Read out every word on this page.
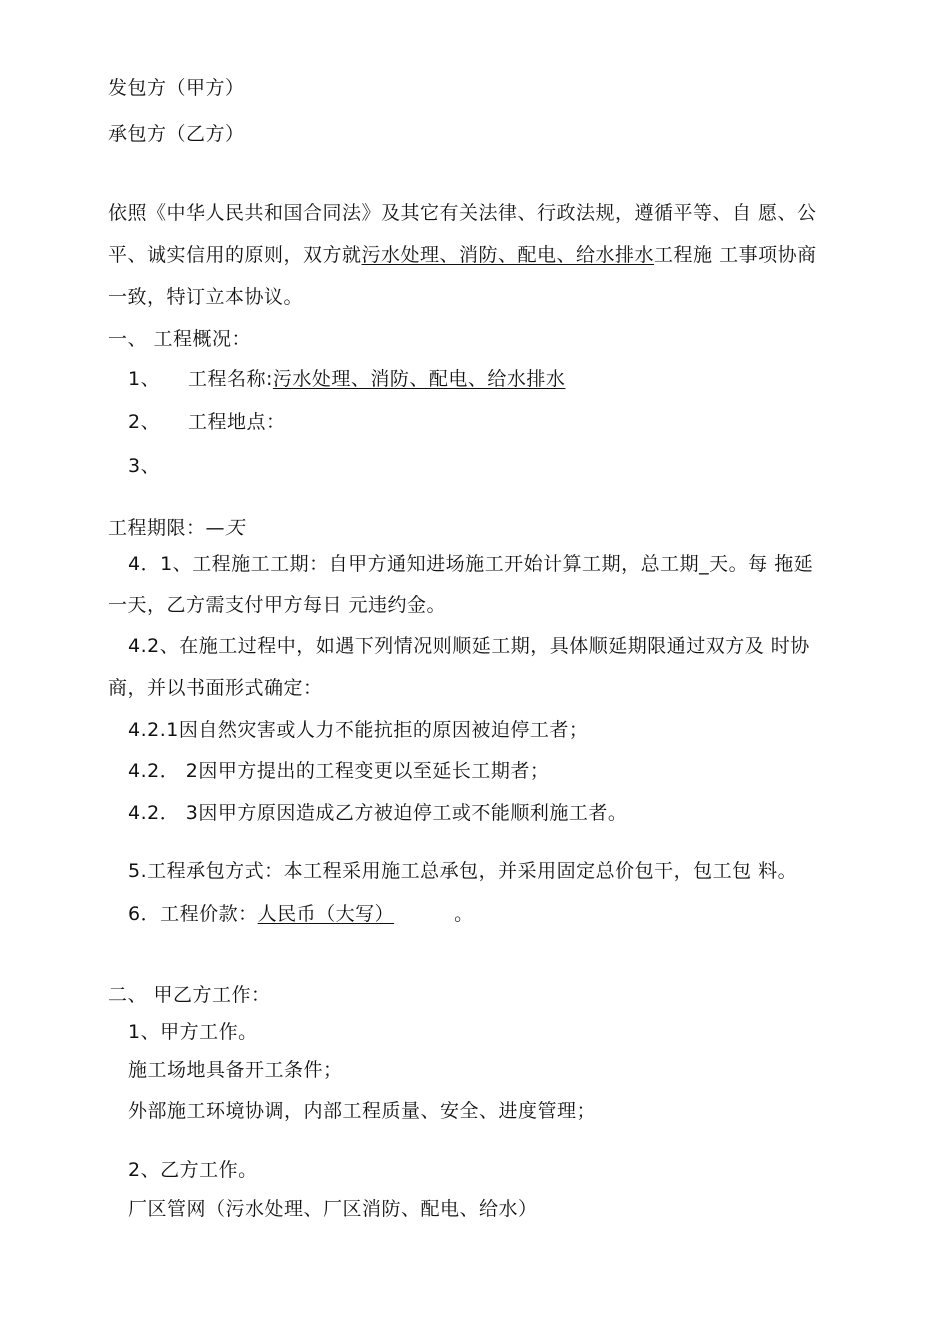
发包方（甲方）
承包方（乙方）
依照《中华人民共和国合同法》及其它有关法律、行政法规，遵循平等、自 愿、公
平、诚实信用的原则，双方就污水处理、消防、配电、给水排水工程施 工事项协商
一致，特订立本协议。
一、 工程概况：
1、 工程名称:污水处理、消防、配电、给水排水
2、 工程地点：
3、
工程期限：—天
4．1、工程施工工期：自甲方通知进场施工开始计算工期，总工期_天。每 拖延
一天，乙方需支付甲方每日 元违约金。
4.2、在施工过程中，如遇下列情况则顺延工期，具体顺延期限通过双方及 时协
商，并以书面形式确定：
4.2.1因自然灾害或人力不能抗拒的原因被迫停工者；
4.2． 2因甲方提出的工程变更以至延长工期者；
4.2． 3因甲方原因造成乙方被迫停工或不能顺利施工者。
5.工程承包方式：本工程采用施工总承包，并采用固定总价包干，包工包 料。
6．工程价款：人民币（大写）	。
二、 甲乙方工作：
1、甲方工作。
施工场地具备开工条件；
外部施工环境协调，内部工程质量、安全、进度管理；
2、乙方工作。
厂区管网（污水处理、厂区消防、配电、给水）
